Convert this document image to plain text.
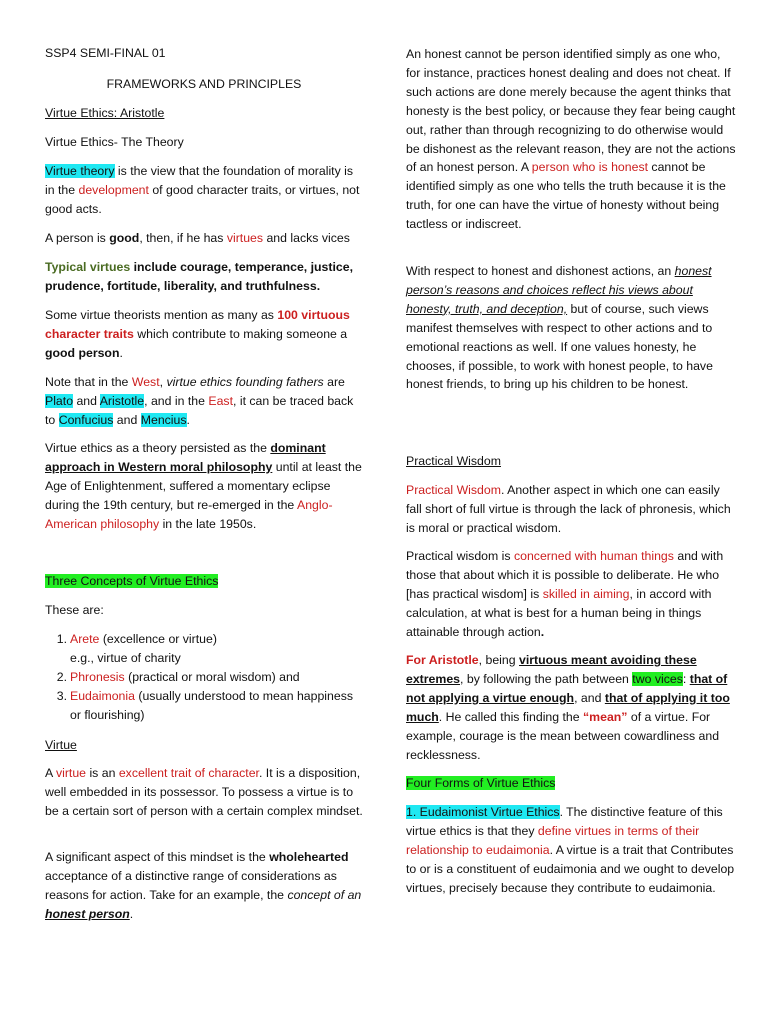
SSP4 SEMI-FINAL 01
FRAMEWORKS AND PRINCIPLES
Virtue Ethics: Aristotle
Virtue Ethics- The Theory

Virtue theory is the view that the foundation of morality is in the development of good character traits, or virtues, not good acts.

A person is good, then, if he has virtues and lacks vices

Typical virtues include courage, temperance, justice, prudence, fortitude, liberality, and truthfulness.

Some virtue theorists mention as many as 100 virtuous character traits which contribute to making someone a good person.

Note that in the West, virtue ethics founding fathers are Plato and Aristotle, and in the East, it can be traced back to Confucius and Mencius.

Virtue ethics as a theory persisted as the dominant approach in Western moral philosophy until at least the Age of Enlightenment, suffered a momentary eclipse during the 19th century, but re-emerged in the Anglo-American philosophy in the late 1950s.

Three Concepts of Virtue Ethics
These are:
1. Arete (excellence or virtue)
e.g., virtue of charity
2. Phronesis (practical or moral wisdom) and
3. Eudaimonia (usually understood to mean happiness or flourishing)
Virtue

A virtue is an excellent trait of character. It is a disposition, well embedded in its possessor. To possess a virtue is to be a certain sort of person with a certain complex mindset.

A significant aspect of this mindset is the wholehearted acceptance of a distinctive range of considerations as reasons for action. Take for an example, the concept of an honest person.

An honest cannot be person identified simply as one who, for instance, practices honest dealing and does not cheat. If such actions are done merely because the agent thinks that honesty is the best policy, or because they fear being caught out, rather than through recognizing to do otherwise would be dishonest as the relevant reason, they are not the actions of an honest person. A person who is honest cannot be identified simply as one who tells the truth because it is the truth, for one can have the virtue of honesty without being tactless or indiscreet.

With respect to honest and dishonest actions, an honest person’s reasons and choices reflect his views about honesty, truth, and deception, but of course, such views manifest themselves with respect to other actions and to emotional reactions as well. If one values honesty, he chooses, if possible, to work with honest people, to have honest friends, to bring up his children to be honest.

Practical Wisdom

Practical Wisdom. Another aspect in which one can easily fall short of full virtue is through the lack of phronesis, which is moral or practical wisdom.

Practical wisdom is concerned with human things and with those that about which it is possible to deliberate. He who [has practical wisdom] is skilled in aiming, in accord with calculation, at what is best for a human being in things attainable through action.

For Aristotle, being virtuous meant avoiding these extremes, by following the path between two vices: that of not applying a virtue enough, and that of applying it too much. He called this finding the “mean” of a virtue. For example, courage is the mean between cowardliness and recklessness.

Four Forms of Virtue Ethics

1. Eudaimonist Virtue Ethics. The distinctive feature of this virtue ethics is that they define virtues in terms of their relationship to eudaimonia. A virtue is a trait that Contributes to or is a constituent of eudaimonia and we ought to develop virtues, precisely because they contribute to eudaimonia.
